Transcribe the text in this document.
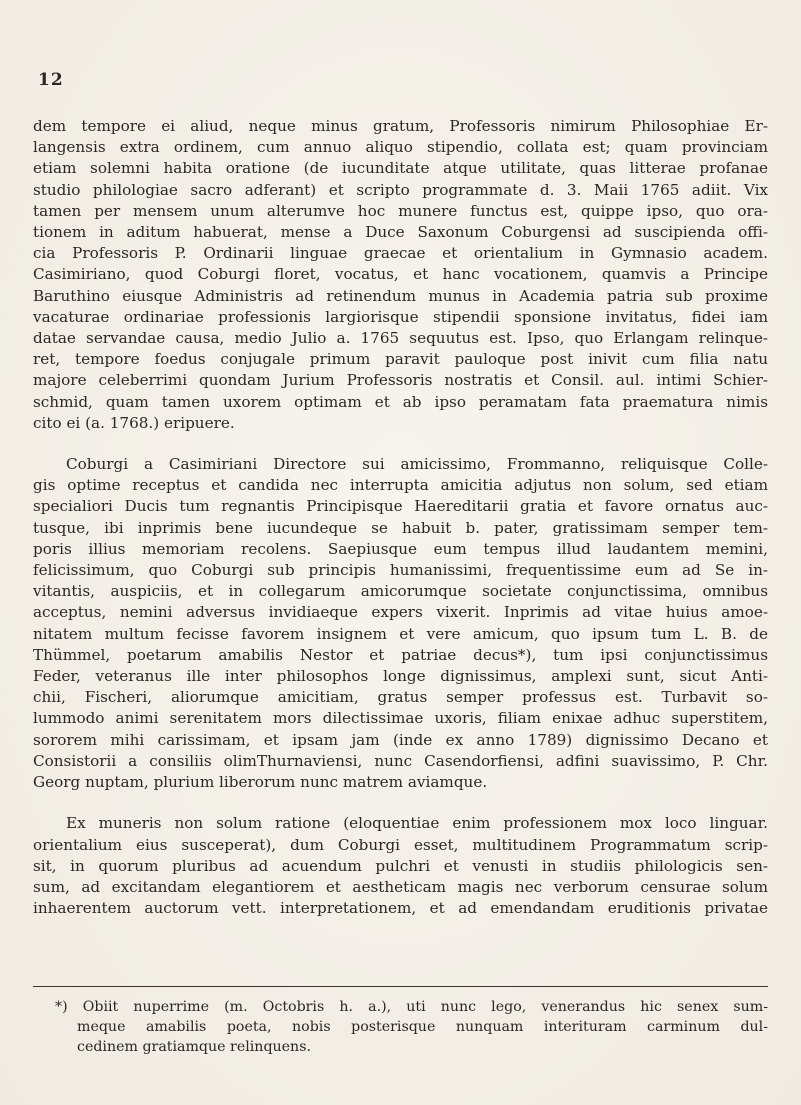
12
dem tempore ei aliud, neque minus gratum, Professoris nimirum Philosophiae Er-
langensis extra ordinem, cum annuo aliquo stipendio, collata est; quam provinciam
etiam solemni habita oratione (de iucunditate atque utilitate, quas litterae profanae
studio philologiae sacro adferant) et scripto programmate d. 3. Maii 1765 adiit. Vix
tamen per mensem unum alterumve hoc munere functus est, quippe ipso, quo ora-
tionem in aditum habuerat, mense a Duce Saxonum Coburgensi ad suscipienda offi-
cia Professoris P. Ordinarii linguae graecae et orientalium in Gymnasio academ.
Casimiriano, quod Coburgi floret, vocatus, et hanc vocationem, quamvis a Principe
Baruthino eiusque Administris ad retinendum munus in Academia patria sub proxime
vacaturae ordinariae professionis largiorisque stipendii sponsione invitatus, fidei iam
datae servandae causa, medio Julio a. 1765 sequutus est. Ipso, quo Erlangam relinque-
ret, tempore foedus conjugale primum paravit pauloque post inivit cum filia natu
majore celeberrimi quondam Jurium Professoris nostratis et Consil. aul. intimi Schier-
schmid, quam tamen uxorem optimam et ab ipso peramatam fata praematura nimis
cito ei (a. 1768.) eripuere.
Coburgi a Casimiriani Directore sui amicissimo, Frommanno, reliquisque Colle-
gis optime receptus et candida nec interrupta amicitia adjutus non solum, sed etiam
specialiori Ducis tum regnantis Principisque Haereditarii gratia et favore ornatus auc-
tusque, ibi inprimis bene iucundeque se habuit b. pater, gratissimam semper tem-
poris illius memoriam recolens. Saepiusque eum tempus illud laudantem memini,
felicissimum, quo Coburgi sub principis humanissimi, frequentissime eum ad Se in-
vitantis, auspiciis, et in collegarum amicorumque societate conjunctissima, omnibus
acceptus, nemini adversus invidiaeque expers vixerit. Inprimis ad vitae huius amoe-
nitatem multum fecisse favorem insignem et vere amicum, quo ipsum tum L. B. de
Thümmel, poetarum amabilis Nestor et patriae decus*), tum ipsi conjunctissimus
Feder, veteranus ille inter philosophos longe dignissimus, amplexi sunt, sicut Anti-
chii, Fischeri, aliorumque amicitiam, gratus semper professus est. Turbavit so-
lummodo animi serenitatem mors dilectissimae uxoris, filiam enixae adhuc superstitem,
sororem mihi carissimam, et ipsam jam (inde ex anno 1789) dignissimo Decano et
Consistorii a consiliis olimThurnaviensi, nunc Casendorfiensi, adfini suavissimo, P. Chr.
Georg nuptam, plurium liberorum nunc matrem aviamque.
Ex muneris non solum ratione (eloquentiae enim professionem mox loco linguar.
orientalium eius susceperat), dum Coburgi esset, multitudinem Programmatum scrip-
sit, in quorum pluribus ad acuendum pulchri et venusti in studiis philologicis sen-
sum, ad excitandam elegantiorem et aestheticam magis nec verborum censurae solum
inhaerentem auctorum vett. interpretationem, et ad emendandam eruditionis privatae
*) Obiit nuperrime (m. Octobris h. a.), uti nunc lego, venerandus hic senex sum-
meque amabilis poeta, nobis posterisque nunquam interituram carminum dul-
cedinem gratiamque relinquens.
